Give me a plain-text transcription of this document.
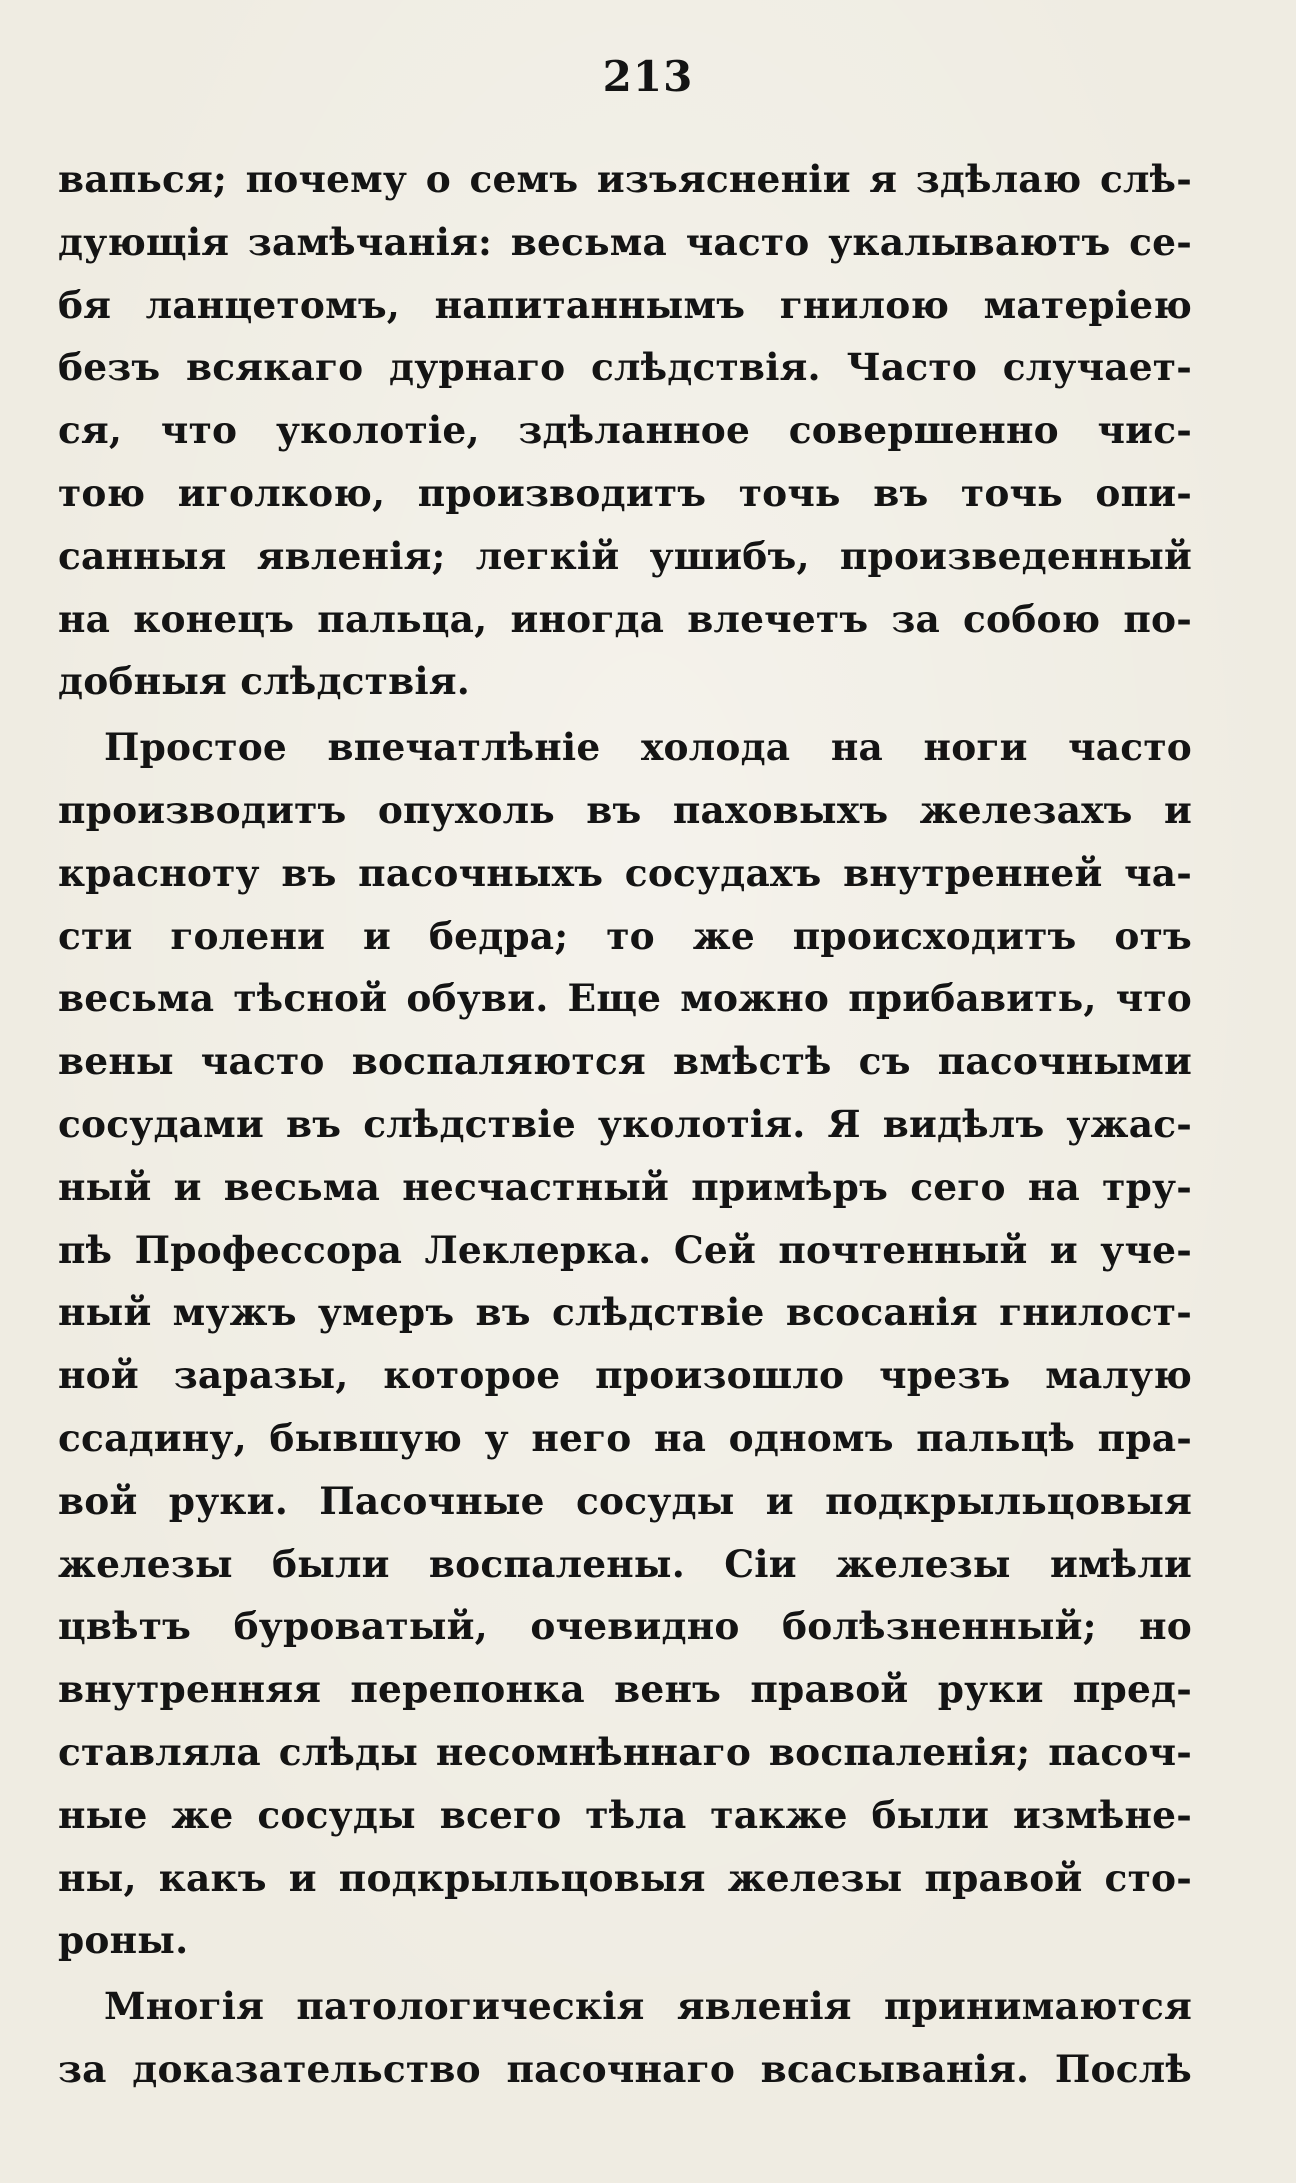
213
вапься; почему о семъ изъясненіи я здѣлаю слѣ-
дующія замѣчанія: весьма часто укалываютъ се-
бя ланцетомъ, напитаннымъ гнилою матеріею
безъ всякаго дурнаго слѣдствія. Часто случает-
ся, что уколотіе, здѣланное совершенно чис-
тою иголкою, производитъ точь въ точь опи-
санныя явленія; легкій ушибъ, произведенный
на конецъ пальца, иногда влечетъ за собою по-
добныя слѣдствія.
Простое впечатлѣніе холода на ноги часто
производитъ опухоль въ паховыхъ железахъ и
красноту въ пасочныхъ сосудахъ внутренней ча-
сти голени и бедра; то же происходитъ отъ
весьма тѣсной обуви. Еще можно прибавить, что
вены часто воспаляются вмѣстѣ съ пасочными
сосудами въ слѣдствіе уколотія. Я видѣлъ ужас-
ный и весьма несчастный примѣръ сего на тру-
пѣ Профессора Леклерка. Сей почтенный и уче-
ный мужъ умеръ въ слѣдствіе всосанія гнилост-
ной заразы, которое произошло чрезъ малую
ссадину, бывшую у него на одномъ пальцѣ пра-
вой руки. Пасочные сосуды и подкрыльцовыя
железы были воспалены. Сіи железы имѣли
цвѣтъ буроватый, очевидно болѣзненный; но
внутренняя перепонка венъ правой руки пред-
ставляла слѣды несомнѣннаго воспаленія; пасоч-
ные же сосуды всего тѣла также были измѣне-
ны, какъ и подкрыльцовыя железы правой сто-
роны.
Многія патологическія явленія принимаются
за доказательство пасочнаго всасыванія. Послѣ
